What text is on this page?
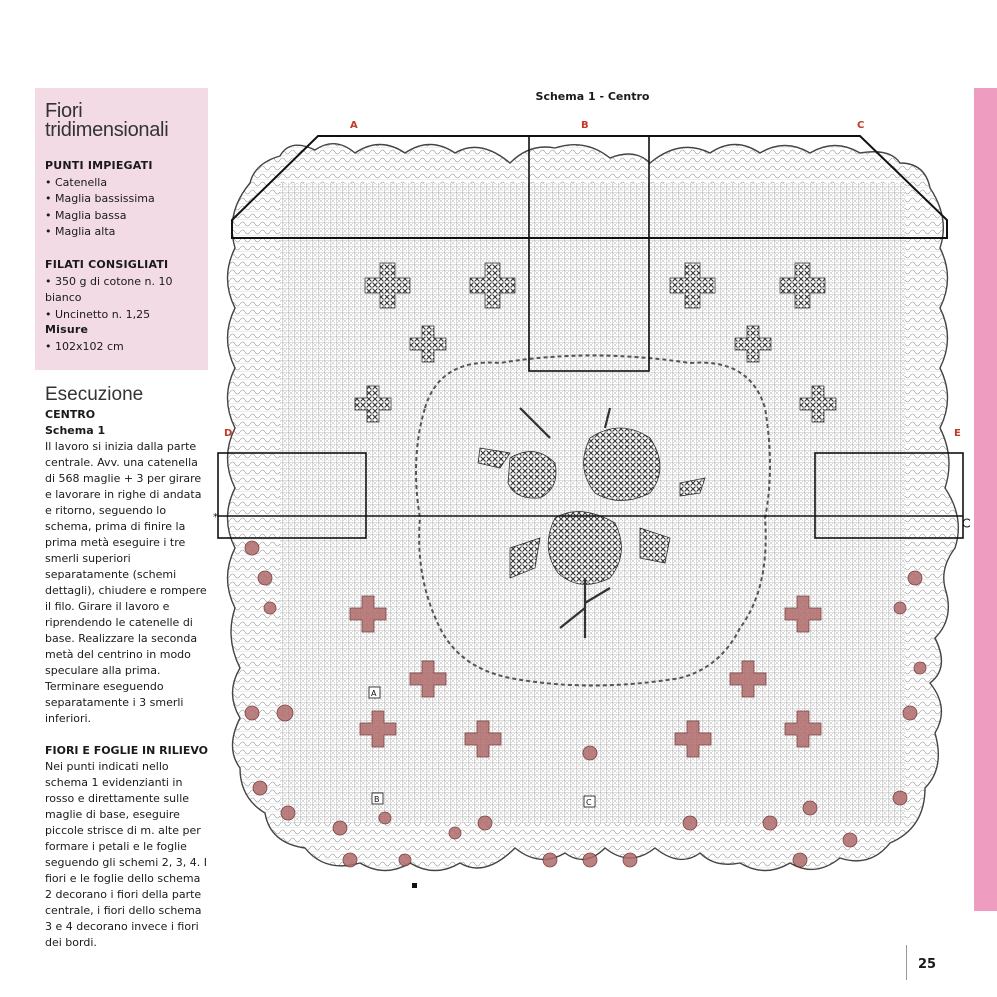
Fiori tridimensionali
PUNTI IMPIEGATI
• Catenella
• Maglia bassissima
• Maglia bassa
• Maglia alta
FILATI CONSIGLIATI
• 350 g di cotone n. 10 bianco
• Uncinetto n. 1,25
Misure
• 102x102 cm
Esecuzione
CENTRO
Schema 1

Il lavoro si inizia dalla parte centrale. Avv. una catenella di 568 maglie + 3 per girare e lavorare in righe di andata e ritorno, seguendo lo schema, prima di finire la prima metà eseguire i tre smerli superiori separatamente (schemi dettagli), chiudere e rompere il filo. Girare il lavoro e riprendendo le catenelle di base. Realizzare la seconda metà del centrino in modo speculare alla prima. Terminare eseguendo separatamente i 3 smerli inferiori.

FIORI E FOGLIE IN RILIEVO

Nei punti indicati nello schema 1 evidenzianti in rosso e direttamente sulle maglie di base, eseguire piccole strisce di m. alte per formare i petali e le foglie seguendo gli schemi 2, 3, 4. I fiori e le foglie dello schema 2 decorano i fiori della parte centrale, i fiori dello schema 3 e 4 decorano invece i fiori dei bordi.

Schema 1 - Centro
*
A	B	C
D	E
A
B	C
25
